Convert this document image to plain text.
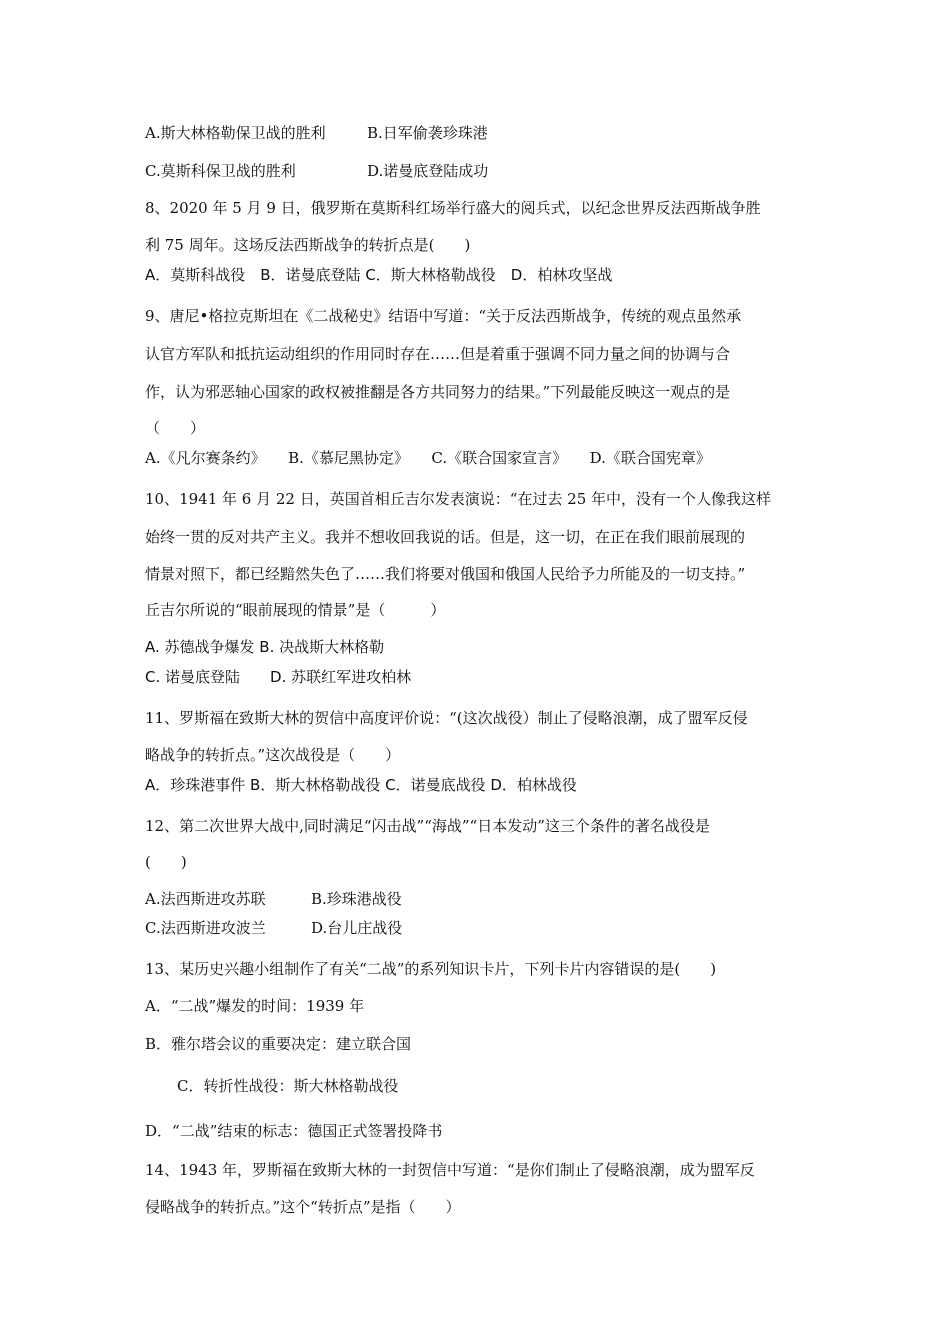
A.斯大林格勒保卫战的胜利	B.日军偷袭珍珠港
C.莫斯科保卫战的胜利	D.诺曼底登陆成功
8、2020 年 5 月 9 日，俄罗斯在莫斯科红场举行盛大的阅兵式，以纪念世界反法西斯战争胜
利 75 周年。这场反法西斯战争的转折点是(　　)
A．莫斯科战役　B．诺曼底登陆 C．斯大林格勒战役　D．柏林攻坚战
9、唐尼•格拉克斯坦在《二战秘史》结语中写道：“关于反法西斯战争，传统的观点虽然承
认官方军队和抵抗运动组织的作用同时存在……但是着重于强调不同力量之间的协调与合
作，认为邪恶轴心国家的政权被推翻是各方共同努力的结果。”下列最能反映这一观点的是
（　　）
A.《凡尔赛条约》　　B.《慕尼黑协定》　　C.《联合国家宣言》　　D.《联合国宪章》
10、1941 年 6 月 22 日，英国首相丘吉尔发表演说：“在过去 25 年中，没有一个人像我这样
始终一贯的反对共产主义。我并不想收回我说的话。但是，这一切，在正在我们眼前展现的
情景对照下，都已经黯然失色了……我们将要对俄国和俄国人民给予力所能及的一切支持。”
丘吉尔所说的“眼前展现的情景”是（　　　）
A. 苏德战争爆发 B. 决战斯大林格勒
C. 诺曼底登陆　　D. 苏联红军进攻柏林
11、罗斯福在致斯大林的贺信中高度评价说：“(这次战役）制止了侵略浪潮，成了盟军反侵
略战争的转折点。”这次战役是（　　）
A．珍珠港事件 B．斯大林格勒战役 C．诺曼底战役 D．柏林战役
12、第二次世界大战中,同时满足“闪击战”“海战”“日本发动”这三个条件的著名战役是
(　　)
A.法西斯进攻苏联	B.珍珠港战役
C.法西斯进攻波兰	D.台儿庄战役
13、某历史兴趣小组制作了有关“二战”的系列知识卡片，下列卡片内容错误的是(　　)
A．“二战”爆发的时间：1939 年
B．雅尔塔会议的重要决定：建立联合国
C．转折性战役：斯大林格勒战役
D．“二战”结束的标志：德国正式签署投降书
14、1943 年，罗斯福在致斯大林的一封贺信中写道：“是你们制止了侵略浪潮，成为盟军反
侵略战争的转折点。”这个“转折点”是指（　　）
